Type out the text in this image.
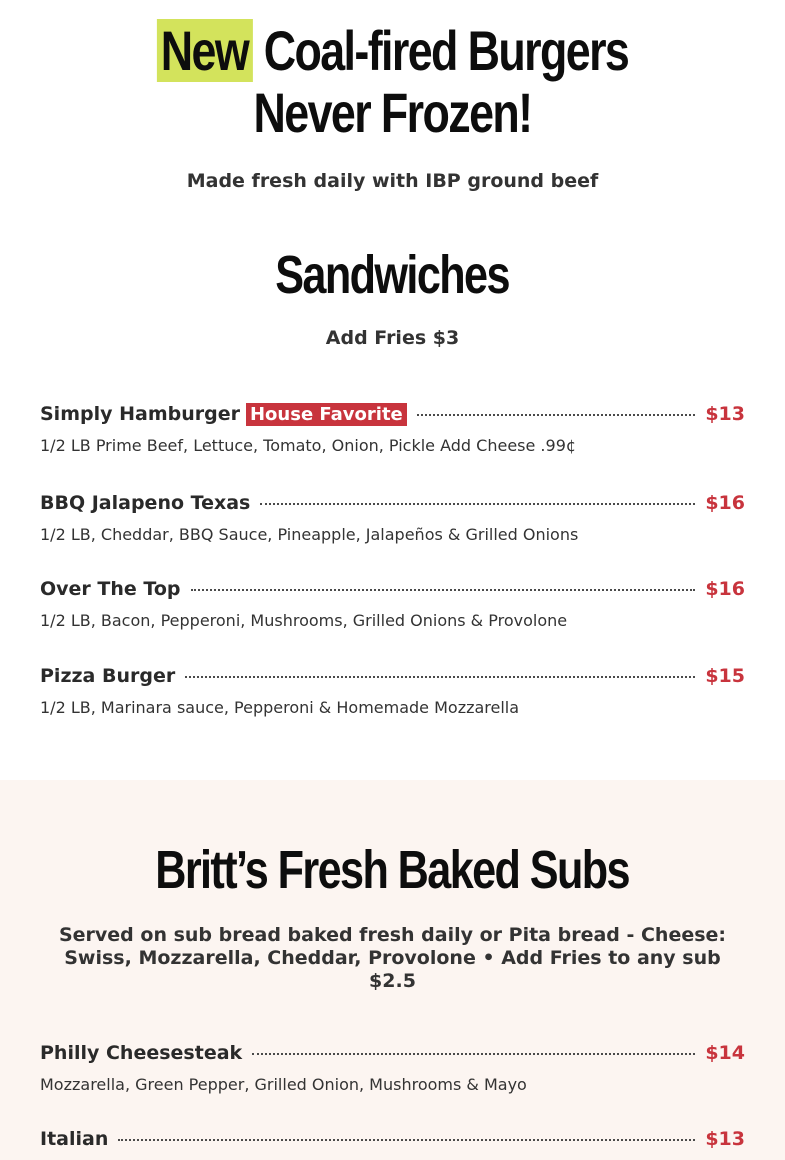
New Coal-fired Burgers Never Frozen!

Made fresh daily with IBP ground beef

Sandwiches

Add Fries $3

Simply Hamburger House Favorite	$13
1/2 LB Prime Beef, Lettuce, Tomato, Onion, Pickle Add Cheese .99¢
BBQ Jalapeno Texas	$16
1/2 LB, Cheddar, BBQ Sauce, Pineapple, Jalapeños & Grilled Onions
Over The Top	$16
1/2 LB, Bacon, Pepperoni, Mushrooms, Grilled Onions & Provolone
Pizza Burger	$15
1/2 LB, Marinara sauce, Pepperoni & Homemade Mozzarella
Britt’s Fresh Baked Subs

Served on sub bread baked fresh daily or Pita bread - Cheese: Swiss, Mozzarella, Cheddar, Provolone • Add Fries to any sub $2.5

Philly Cheesesteak	$14
Mozzarella, Green Pepper, Grilled Onion, Mushrooms & Mayo
Italian	$13
